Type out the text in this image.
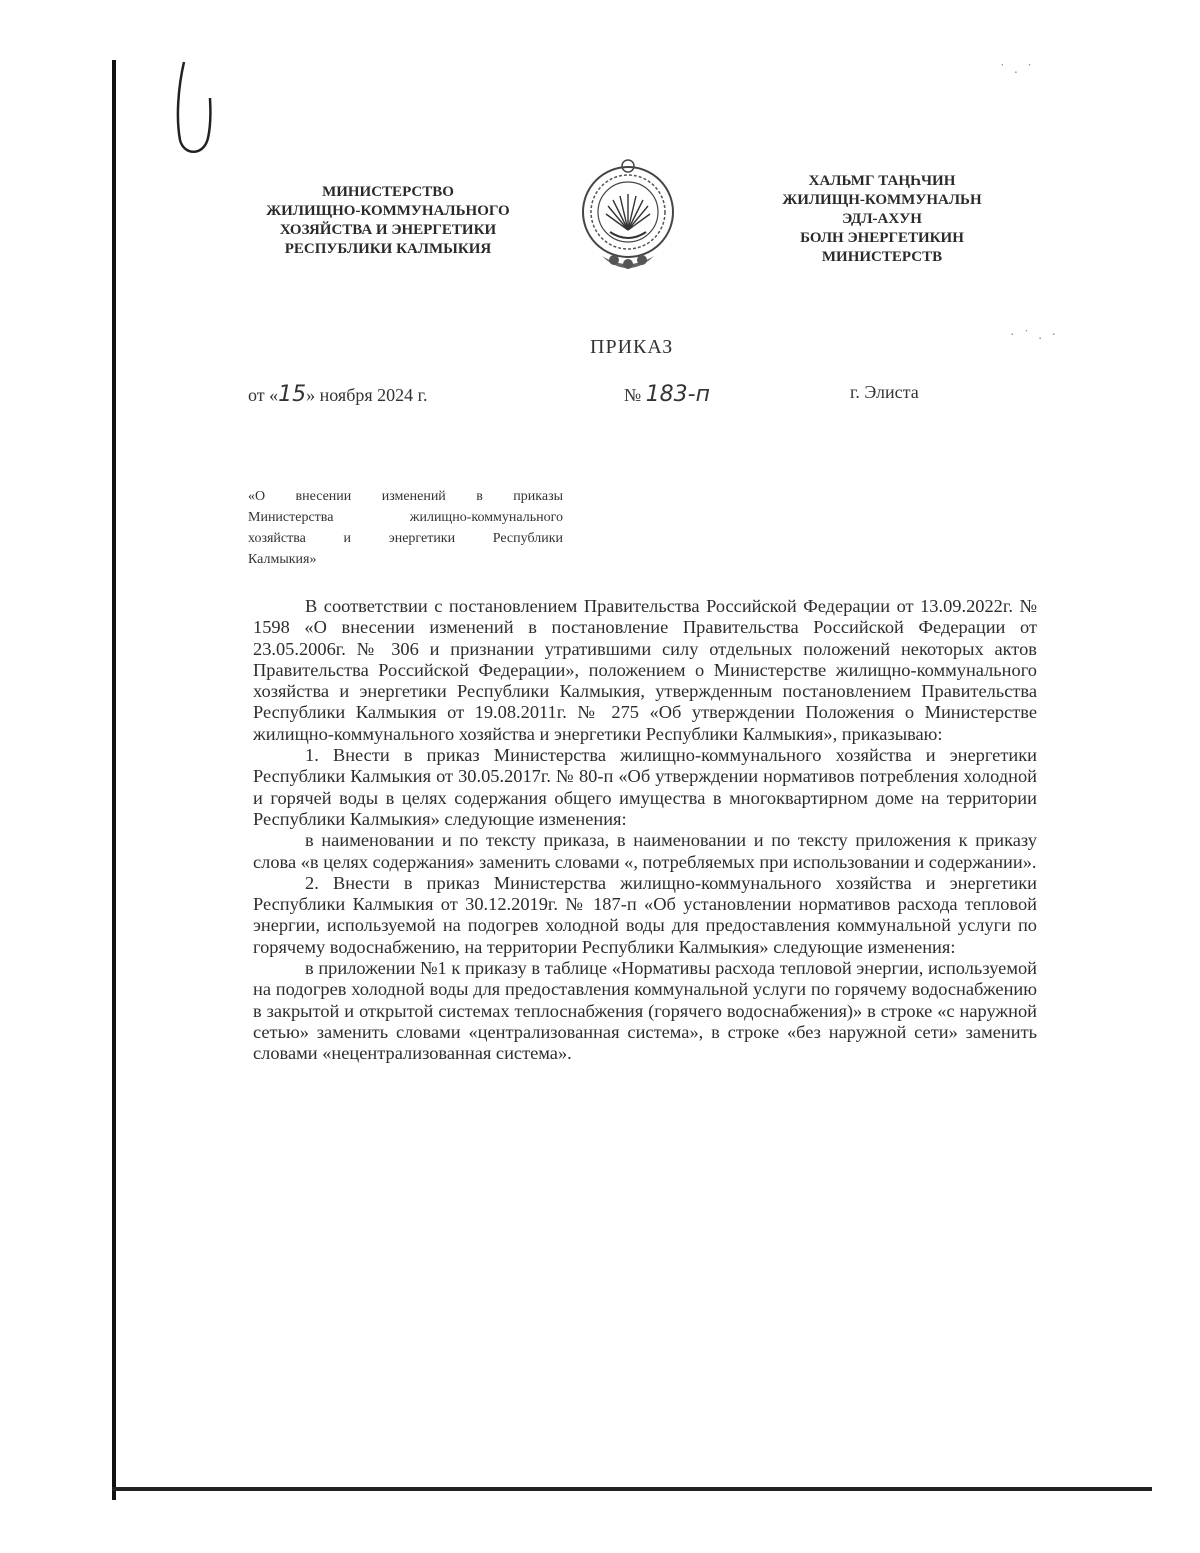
˙ . ˙
· ˙ . ·
МИНИСТЕРСТВО
ЖИЛИЩНО-КОММУНАЛЬНОГО
ХОЗЯЙСТВА И ЭНЕРГЕТИКИ
РЕСПУБЛИКИ КАЛМЫКИЯ
ХАЛЬМГ ТАҢҺЧИН
ЖИЛИЩН-КОММУНАЛЬН
ЭДЛ-АХУН
БОЛН ЭНЕРГЕТИКИН
МИНИСТЕРСТВ
ПРИКАЗ
от «15» ноября 2024 г.	№ 183-п	г. Элиста
«О внесении изменений в приказы
Министерства жилищно-коммунального
хозяйства и энергетики Республики
Калмыкия»

В соответствии с постановлением Правительства Российской Федерации от 13.09.2022г. № 1598 «О внесении изменений в постановление Правительства Российской Федерации от 23.05.2006г. № 306 и признании утратившими силу отдельных положений некоторых актов Правительства Российской Федерации», положением о Министерстве жилищно-коммунального хозяйства и энергетики Республики Калмыкия, утвержденным постановлением Правительства Республики Калмыкия от 19.08.2011г. № 275 «Об утверждении Положения о Министерстве жилищно-коммунального хозяйства и энергетики Республики Калмыкия», приказываю:

1. Внести в приказ Министерства жилищно-коммунального хозяйства и энергетики Республики Калмыкия от 30.05.2017г. № 80-п «Об утверждении нормативов потребления холодной и горячей воды в целях содержания общего имущества в многоквартирном доме на территории Республики Калмыкия» следующие изменения:

в наименовании и по тексту приказа, в наименовании и по тексту приложения к приказу слова «в целях содержания» заменить словами «, потребляемых при использовании и содержании».

2. Внести в приказ Министерства жилищно-коммунального хозяйства и энергетики Республики Калмыкия от 30.12.2019г. № 187-п «Об установлении нормативов расхода тепловой энергии, используемой на подогрев холодной воды для предоставления коммунальной услуги по горячему водоснабжению, на территории Республики Калмыкия» следующие изменения:

в приложении №1 к приказу в таблице «Нормативы расхода тепловой энергии, используемой на подогрев холодной воды для предоставления коммунальной услуги по горячему водоснабжению в закрытой и открытой системах теплоснабжения (горячего водоснабжения)» в строке «с наружной сетью» заменить словами «централизованная система», в строке «без наружной сети» заменить словами «нецентрализованная система».
